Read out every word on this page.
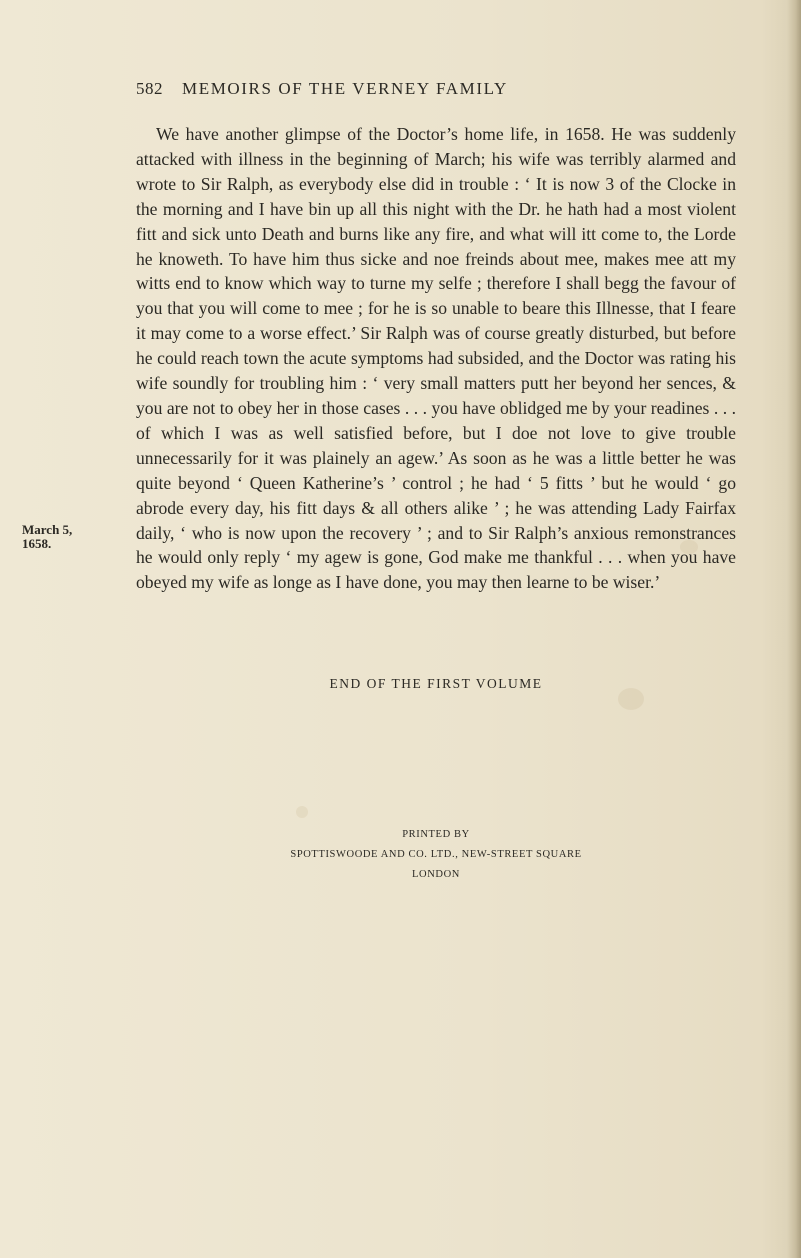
582 MEMOIRS OF THE VERNEY FAMILY
March 5,
1658.

We have another glimpse of the Doctor’s home life, in 1658. He was suddenly attacked with illness in the beginning of March; his wife was terribly alarmed and wrote to Sir Ralph, as everybody else did in trouble : ‘ It is now 3 of the Clocke in the morning and I have bin up all this night with the Dr. he hath had a most violent fitt and sick unto Death and burns like any fire, and what will itt come to, the Lorde he knoweth. To have him thus sicke and noe freinds about mee, makes mee att my witts end to know which way to turne my selfe ; therefore I shall begg the favour of you that you will come to mee ; for he is so unable to beare this Illnesse, that I feare it may come to a worse effect.’ Sir Ralph was of course greatly disturbed, but before he could reach town the acute symptoms had subsided, and the Doctor was rating his wife soundly for troubling him : ‘ very small matters putt her beyond her sences, & you are not to obey her in those cases . . . you have oblidged me by your readines . . . of which I was as well satisfied before, but I doe not love to give trouble unnecessarily for it was plainely an agew.’ As soon as he was a little better he was quite beyond ‘ Queen Katherine’s ’ control ; he had ‘ 5 fitts ’ but he would ‘ go abrode every day, his fitt days & all others alike ’ ; he was attending Lady Fairfax daily, ‘ who is now upon the recovery ’ ; and to Sir Ralph’s anxious remonstrances he would only reply ‘ my agew is gone, God make me thankful . . . when you have obeyed my wife as longe as I have done, you may then learne to be wiser.’

END OF THE FIRST VOLUME
PRINTED BY
SPOTTISWOODE AND CO. LTD., NEW-STREET SQUARE
LONDON
